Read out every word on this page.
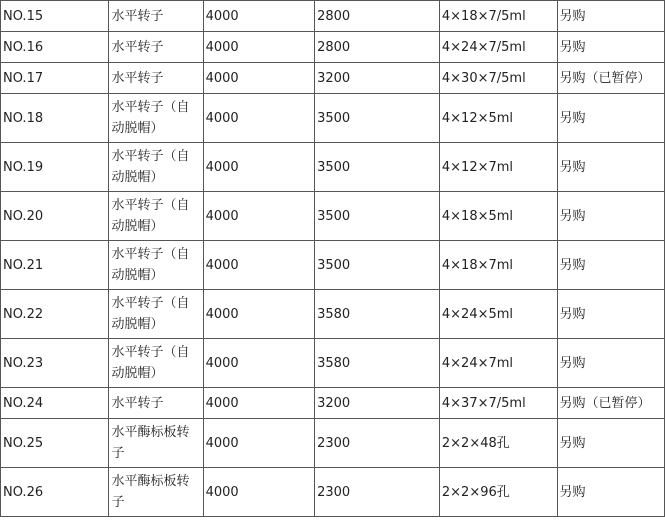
NO.15	水平转子	4000	2800	4×18×7/5ml	另购
NO.16	水平转子	4000	2800	4×24×7/5ml	另购
NO.17	水平转子	4000	3200	4×30×7/5ml	另购（已暂停）
NO.18	水平转子（自动脱帽）	4000	3500	4×12×5ml	另购
NO.19	水平转子（自动脱帽）	4000	3500	4×12×7ml	另购
NO.20	水平转子（自动脱帽）	4000	3500	4×18×5ml	另购
NO.21	水平转子（自动脱帽）	4000	3500	4×18×7ml	另购
NO.22	水平转子（自动脱帽）	4000	3580	4×24×5ml	另购
NO.23	水平转子（自动脱帽）	4000	3580	4×24×7ml	另购
NO.24	水平转子	4000	3200	4×37×7/5ml	另购（已暂停）
NO.25	水平酶标板转子	4000	2300	2×2×48孔	另购
NO.26	水平酶标板转子	4000	2300	2×2×96孔	另购
